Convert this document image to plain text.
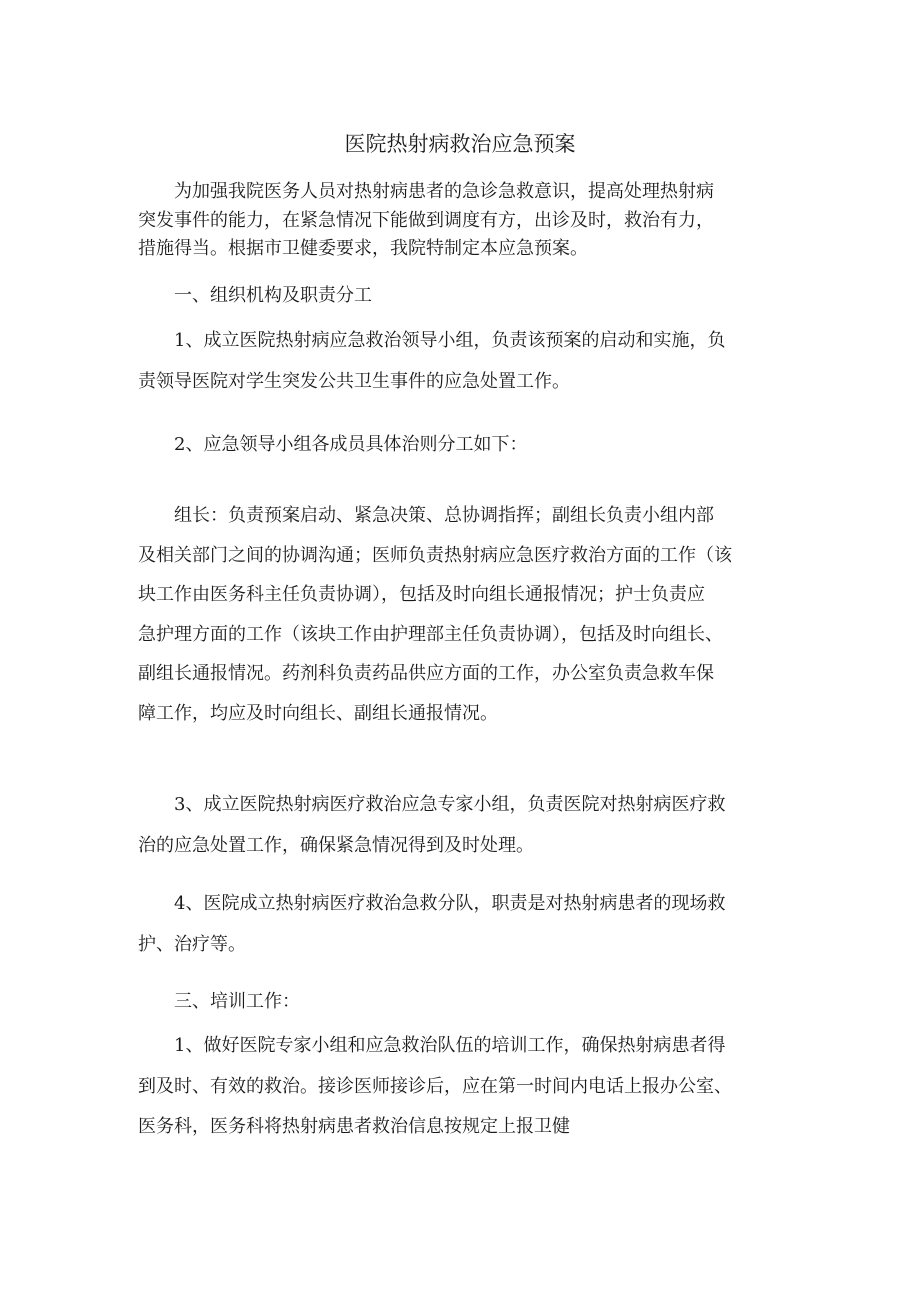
医院热射病救治应急预案

　　为加强我院医务人员对热射病患者的急诊急救意识，提高处理热射病
突发事件的能力，在紧急情况下能做到调度有方，出诊及时，救治有力，
措施得当。根据市卫健委要求，我院特制定本应急预案。

　　一、组织机构及职责分工

　　1、成立医院热射病应急救治领导小组，负责该预案的启动和实施，负
责领导医院对学生突发公共卫生事件的应急处置工作。

　　2、应急领导小组各成员具体治则分工如下：

　　组长：负责预案启动、紧急决策、总协调指挥；副组长负责小组内部
及相关部门之间的协调沟通；医师负责热射病应急医疗救治方面的工作（该
块工作由医务科主任负责协调），包括及时向组长通报情况；护士负责应
急护理方面的工作（该块工作由护理部主任负责协调），包括及时向组长、
副组长通报情况。药剂科负责药品供应方面的工作，办公室负责急救车保
障工作，均应及时向组长、副组长通报情况。

　　3、成立医院热射病医疗救治应急专家小组，负责医院对热射病医疗救
治的应急处置工作，确保紧急情况得到及时处理。

　　4、医院成立热射病医疗救治急救分队，职责是对热射病患者的现场救
护、治疗等。

　　三、培训工作：

　　1、做好医院专家小组和应急救治队伍的培训工作，确保热射病患者得
到及时、有效的救治。接诊医师接诊后，应在第一时间内电话上报办公室、
医务科，医务科将热射病患者救治信息按规定上报卫健
